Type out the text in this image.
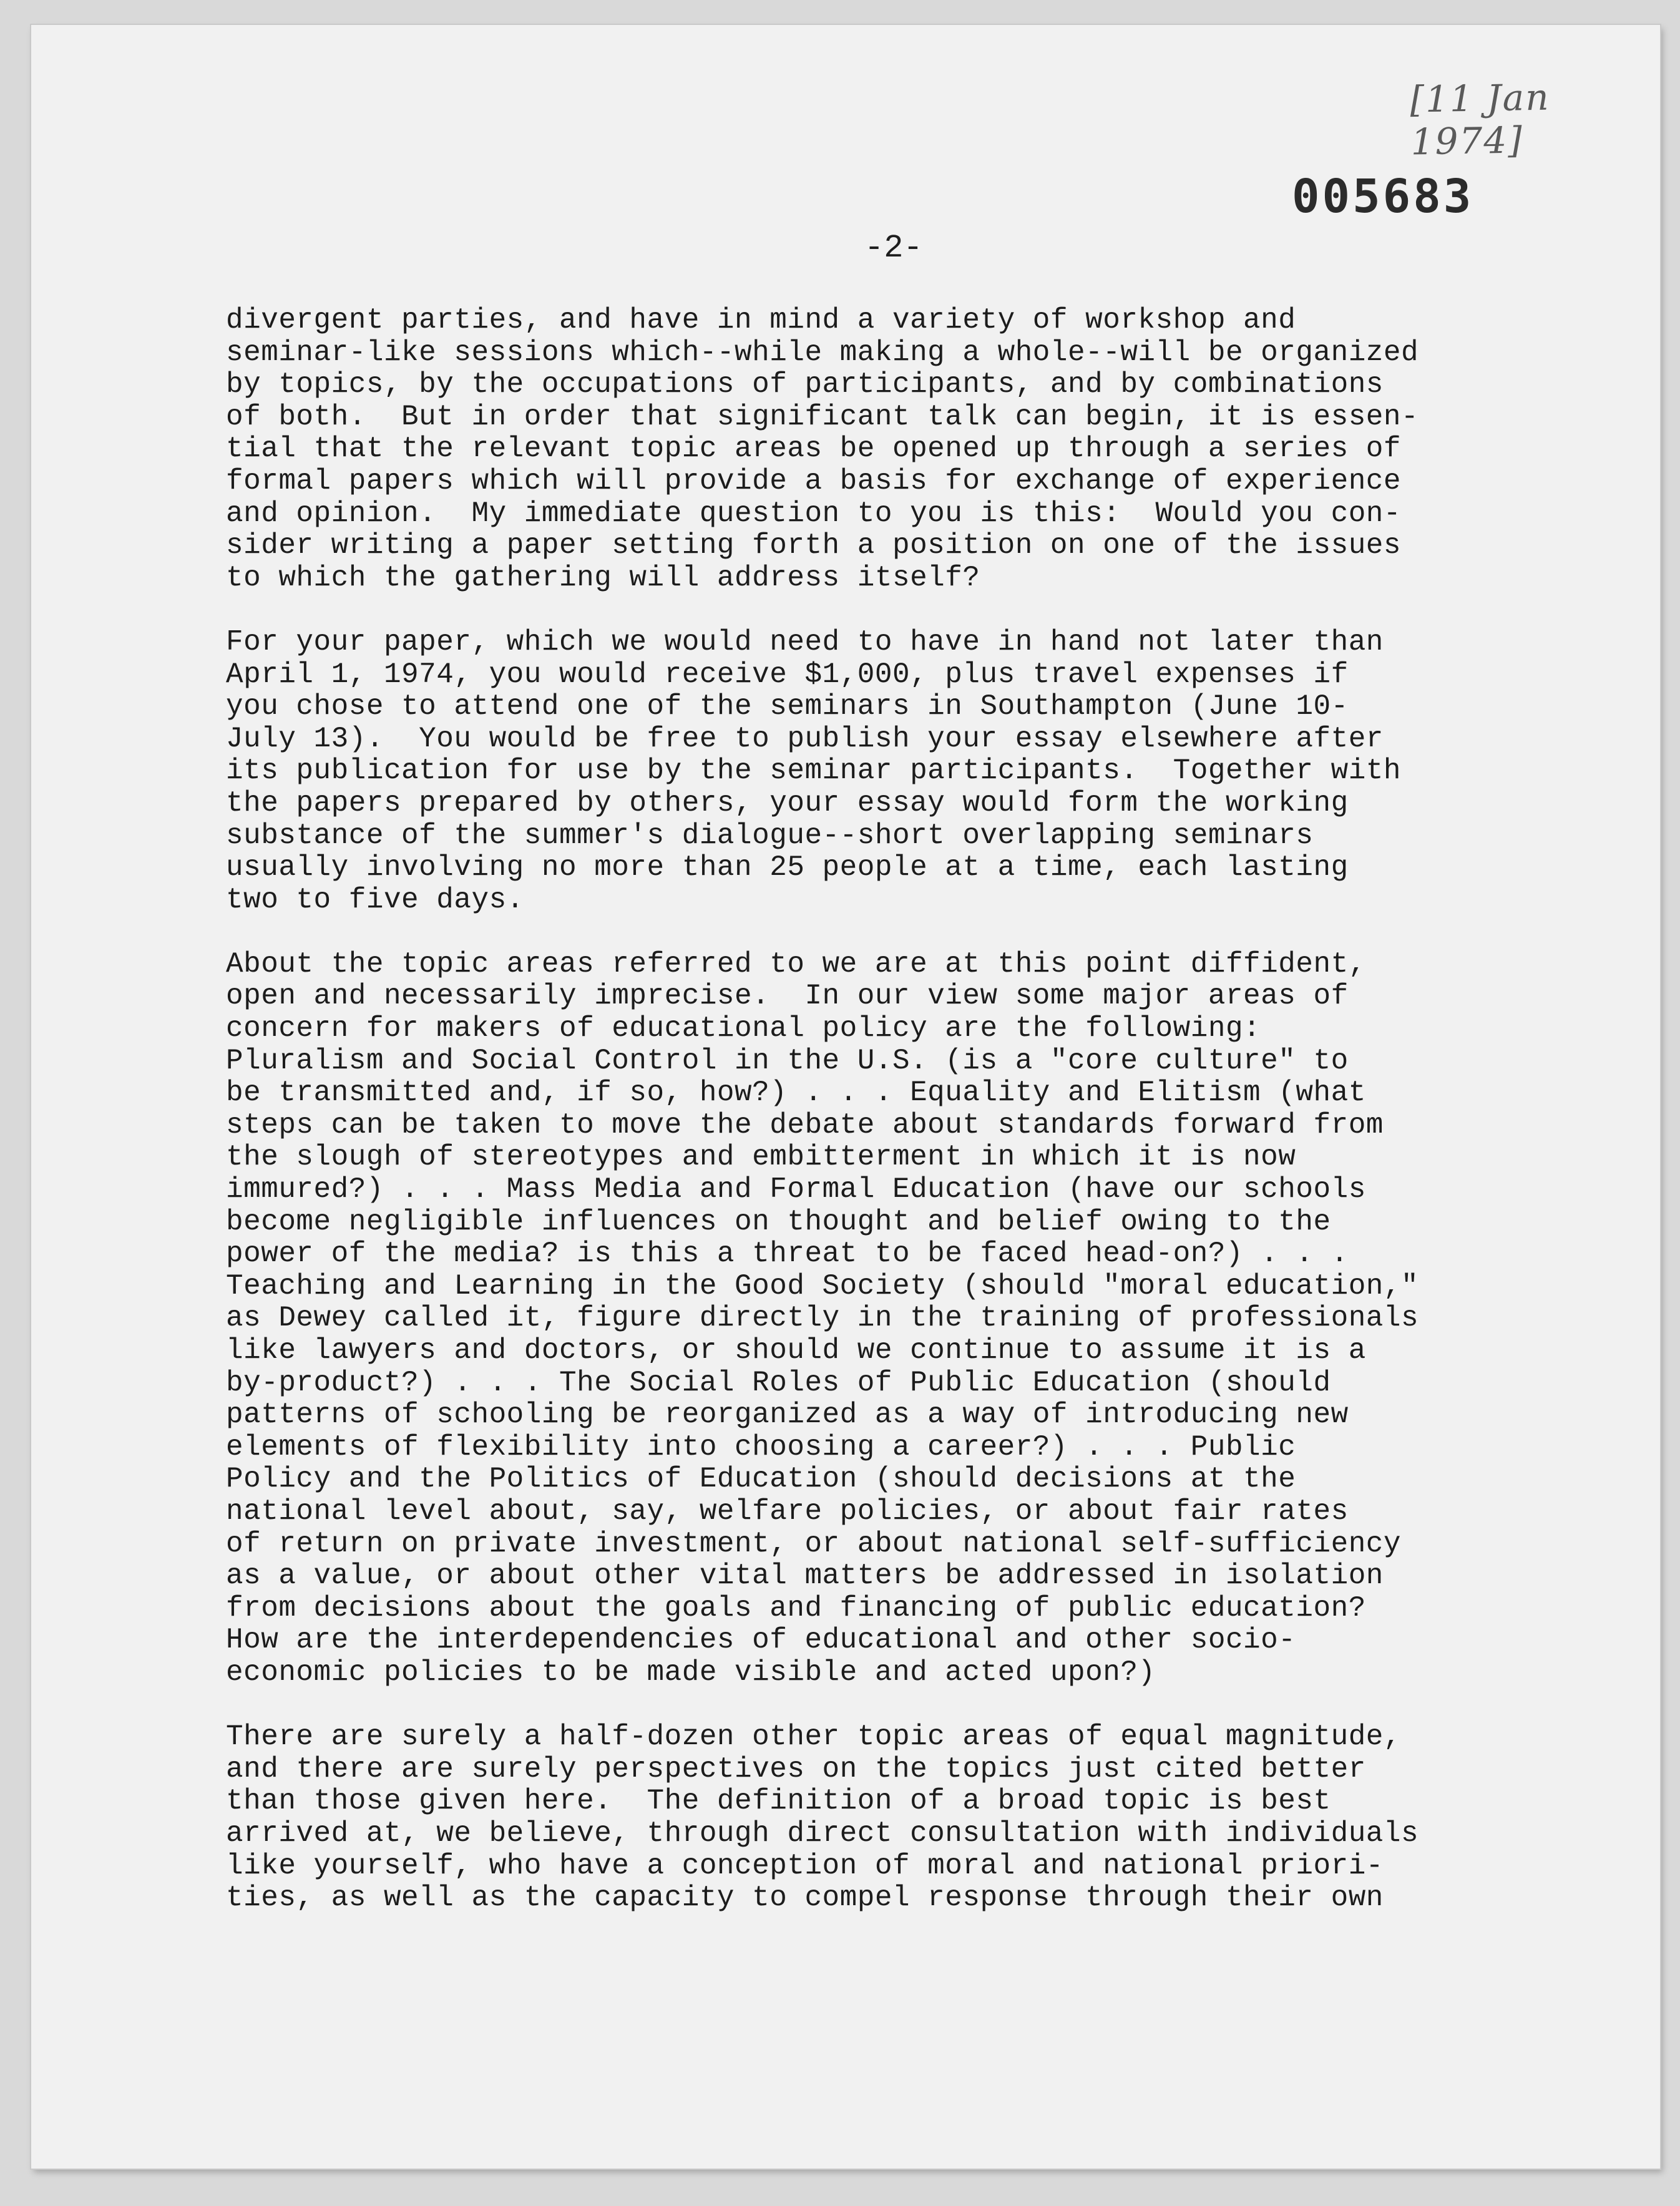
[11 Jan 1974]
005683
-2-
divergent parties, and have in mind a variety of workshop and
seminar-like sessions which--while making a whole--will be organized
by topics, by the occupations of participants, and by combinations
of both.  But in order that significant talk can begin, it is essen-
tial that the relevant topic areas be opened up through a series of
formal papers which will provide a basis for exchange of experience
and opinion.  My immediate question to you is this:  Would you con-
sider writing a paper setting forth a position on one of the issues
to which the gathering will address itself?
For your paper, which we would need to have in hand not later than
April 1, 1974, you would receive $1,000, plus travel expenses if
you chose to attend one of the seminars in Southampton (June 10-
July 13).  You would be free to publish your essay elsewhere after
its publication for use by the seminar participants.  Together with
the papers prepared by others, your essay would form the working
substance of the summer's dialogue--short overlapping seminars
usually involving no more than 25 people at a time, each lasting
two to five days.
About the topic areas referred to we are at this point diffident,
open and necessarily imprecise.  In our view some major areas of
concern for makers of educational policy are the following:
Pluralism and Social Control in the U.S. (is a "core culture" to
be transmitted and, if so, how?) . . . Equality and Elitism (what
steps can be taken to move the debate about standards forward from
the slough of stereotypes and embitterment in which it is now
immured?) . . . Mass Media and Formal Education (have our schools
become negligible influences on thought and belief owing to the
power of the media? is this a threat to be faced head-on?) . . .
Teaching and Learning in the Good Society (should "moral education,"
as Dewey called it, figure directly in the training of professionals
like lawyers and doctors, or should we continue to assume it is a
by-product?) . . . The Social Roles of Public Education (should
patterns of schooling be reorganized as a way of introducing new
elements of flexibility into choosing a career?) . . . Public
Policy and the Politics of Education (should decisions at the
national level about, say, welfare policies, or about fair rates
of return on private investment, or about national self-sufficiency
as a value, or about other vital matters be addressed in isolation
from decisions about the goals and financing of public education?
How are the interdependencies of educational and other socio-
economic policies to be made visible and acted upon?)
There are surely a half-dozen other topic areas of equal magnitude,
and there are surely perspectives on the topics just cited better
than those given here.  The definition of a broad topic is best
arrived at, we believe, through direct consultation with individuals
like yourself, who have a conception of moral and national priori-
ties, as well as the capacity to compel response through their own
